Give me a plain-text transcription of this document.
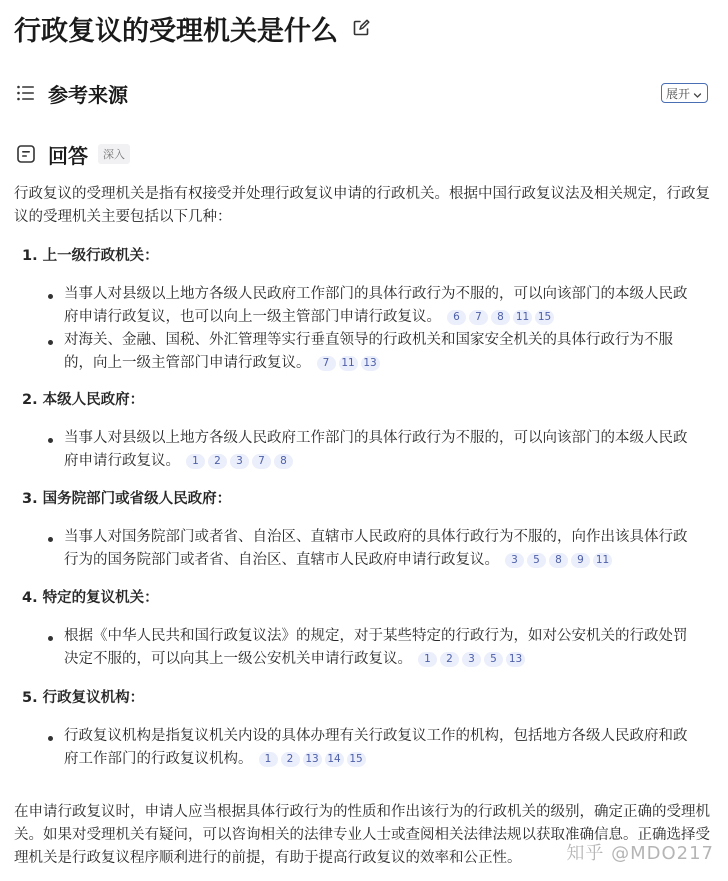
行政复议的受理机关是什么
参考来源	展开
回答	深入
行政复议的受理机关是指有权接受并处理行政复议申请的行政机关。根据中国行政复议法及相关规定，行政复议的受理机关主要包括以下几种：
1. 上一级行政机关：
当事人对县级以上地方各级人民政府工作部门的具体行政行为不服的，可以向该部门的本级人民政府申请行政复议，也可以向上一级主管部门申请行政复议。 6 7 8 11 15
对海关、金融、国税、外汇管理等实行垂直领导的行政机关和国家安全机关的具体行政行为不服的，向上一级主管部门申请行政复议。 7 11 13
2. 本级人民政府：
当事人对县级以上地方各级人民政府工作部门的具体行政行为不服的，可以向该部门的本级人民政府申请行政复议。 1 2 3 7 8
3. 国务院部门或省级人民政府：
当事人对国务院部门或者省、自治区、直辖市人民政府的具体行政行为不服的，向作出该具体行政行为的国务院部门或者省、自治区、直辖市人民政府申请行政复议。 3 5 8 9 11
4. 特定的复议机关：
根据《中华人民共和国行政复议法》的规定，对于某些特定的行政行为，如对公安机关的行政处罚决定不服的，可以向其上一级公安机关申请行政复议。 1 2 3 5 13
5. 行政复议机构：
行政复议机构是指复议机关内设的具体办理有关行政复议工作的机构，包括地方各级人民政府和政府工作部门的行政复议机构。 1 2 13 14 15
在申请行政复议时，申请人应当根据具体行政行为的性质和作出该行为的行政机关的级别，确定正确的受理机关。如果对受理机关有疑问，可以咨询相关的法律专业人士或查阅相关法律法规以获取准确信息。正确选择受理机关是行政复议程序顺利进行的前提，有助于提高行政复议的效率和公正性。	知乎 @MDO217
